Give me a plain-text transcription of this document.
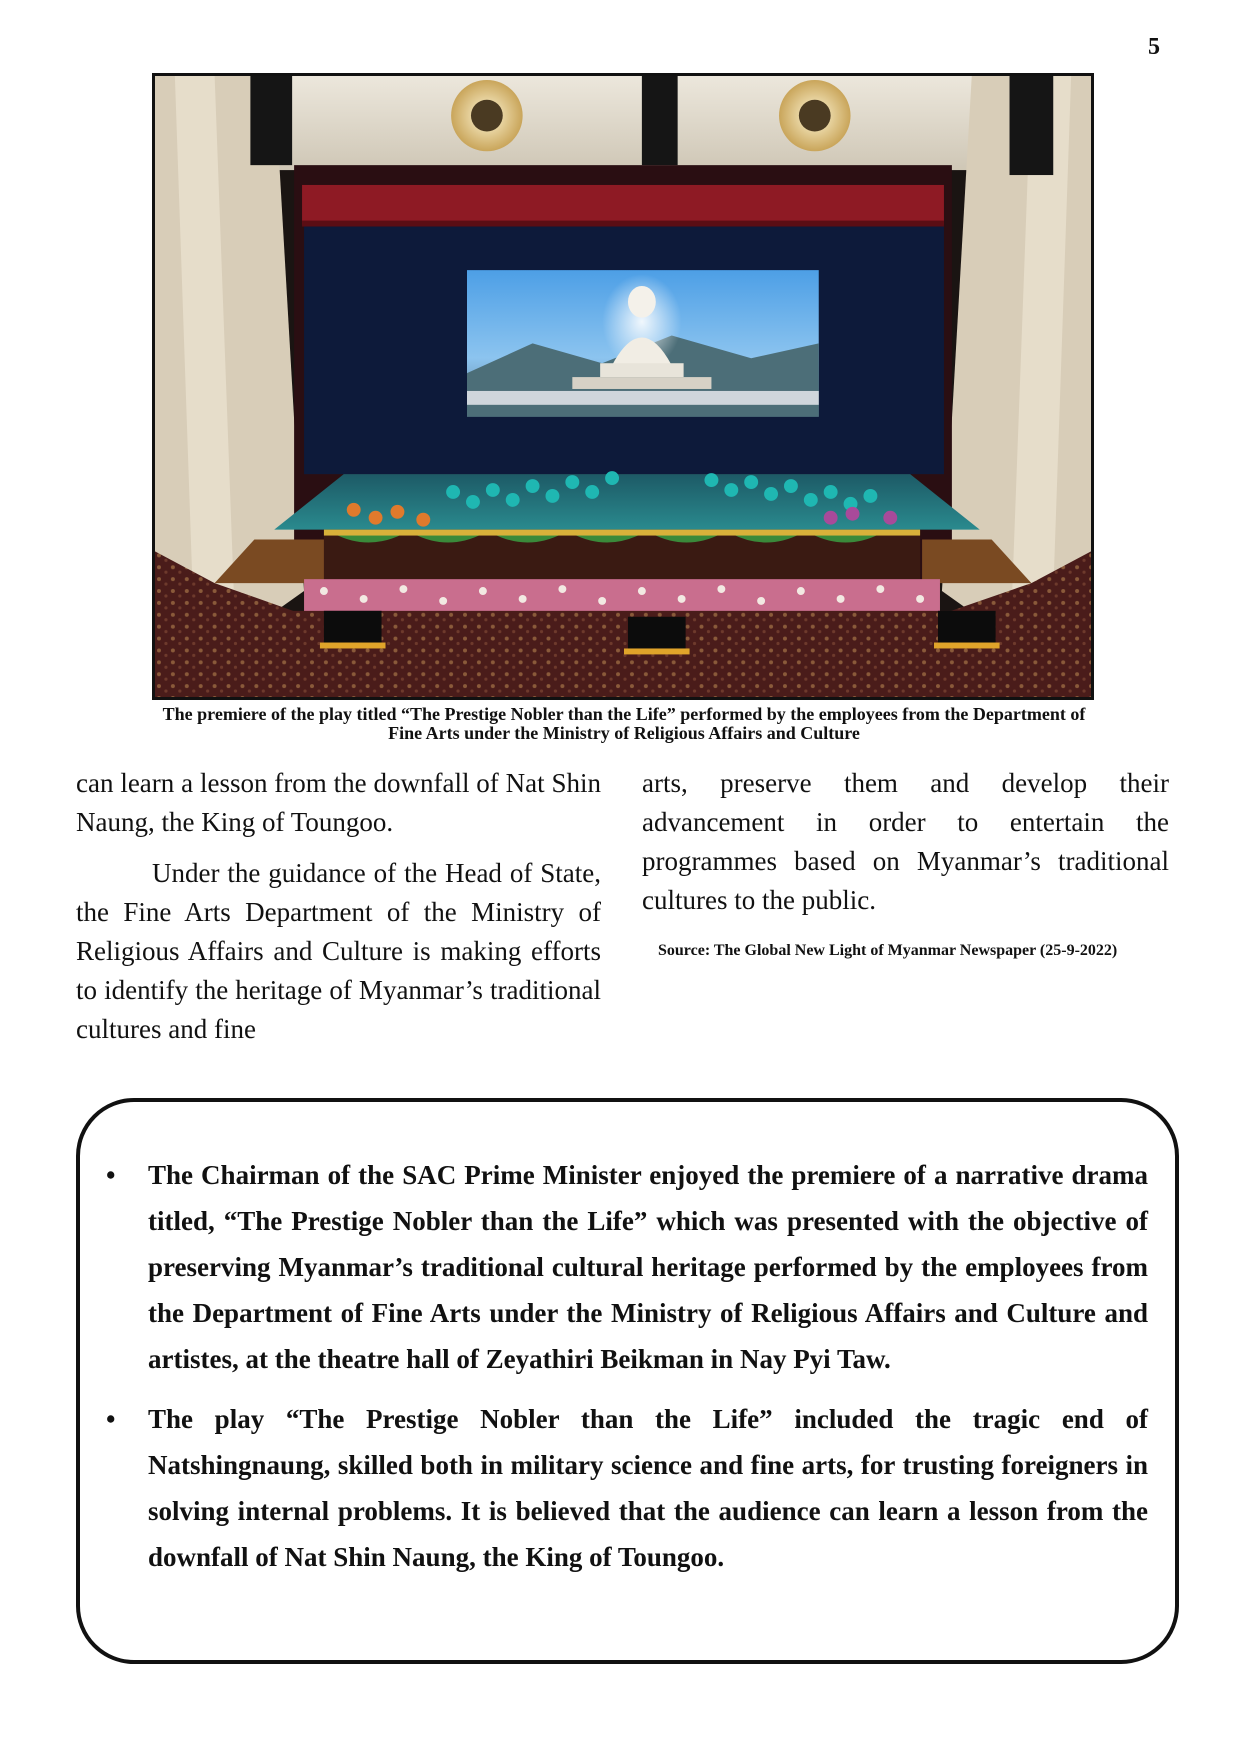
5
The premiere of the play titled “The Prestige Nobler than the Life” performed by the employees from the Department of
Fine Arts under the Ministry of Religious Affairs and Culture

can learn a lesson from the downfall of Nat Shin Naung, the King of Toungoo.

Under the guidance of the Head of State, the Fine Arts Department of the Ministry of Religious Affairs and Culture is making efforts to identify the heritage of Myanmar’s traditional cultures and fine

arts, preserve them and develop their advancement in order to entertain the programmes based on Myanmar’s traditional cultures to the public.

Source: The Global New Light of Myanmar Newspaper (25-9-2022)
• The Chairman of the SAC Prime Minister enjoyed the premiere of a narrative drama titled, “The Prestige Nobler than the Life” which was presented with the objective of preserving Myanmar’s traditional cultural heritage performed by the employees from the Department of Fine Arts under the Ministry of Religious Affairs and Culture and artistes, at the theatre hall of Zeyathiri Beikman in Nay Pyi Taw.
• The play “The Prestige Nobler than the Life” included the tragic end of Natshingnaung, skilled both in military science and fine arts, for trusting foreigners in solving internal problems. It is believed that the audience can learn a lesson from the downfall of Nat Shin Naung, the King of Toungoo.
